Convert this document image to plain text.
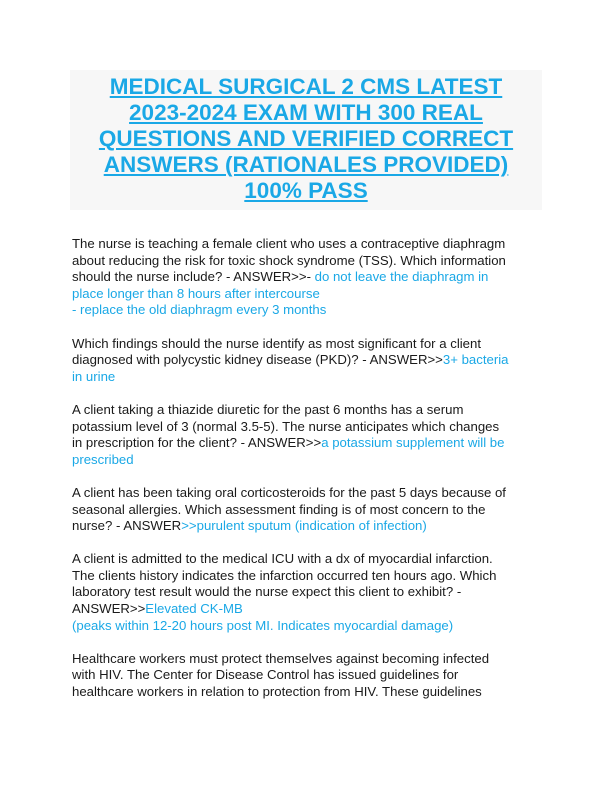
MEDICAL SURGICAL 2 CMS LATEST
2023-2024 EXAM WITH 300 REAL
QUESTIONS AND VERIFIED CORRECT
ANSWERS (RATIONALES PROVIDED)
100% PASS
The nurse is teaching a female client who uses a contraceptive diaphragm
about reducing the risk for toxic shock syndrome (TSS). Which information
should the nurse include? - ANSWER>>- do not leave the diaphragm in
place longer than 8 hours after intercourse
- replace the old diaphragm every 3 months
Which findings should the nurse identify as most significant for a client
diagnosed with polycystic kidney disease (PKD)? - ANSWER>>3+ bacteria
in urine
A client taking a thiazide diuretic for the past 6 months has a serum
potassium level of 3 (normal 3.5-5). The nurse anticipates which changes
in prescription for the client? - ANSWER>>a potassium supplement will be
prescribed
A client has been taking oral corticosteroids for the past 5 days because of
seasonal allergies. Which assessment finding is of most concern to the
nurse? - ANSWER>>purulent sputum (indication of infection)
A client is admitted to the medical ICU with a dx of myocardial infarction.
The clients history indicates the infarction occurred ten hours ago. Which
laboratory test result would the nurse expect this client to exhibit? -
ANSWER>>Elevated CK-MB
(peaks within 12-20 hours post MI. Indicates myocardial damage)
Healthcare workers must protect themselves against becoming infected
with HIV. The Center for Disease Control has issued guidelines for
healthcare workers in relation to protection from HIV. These guidelines
